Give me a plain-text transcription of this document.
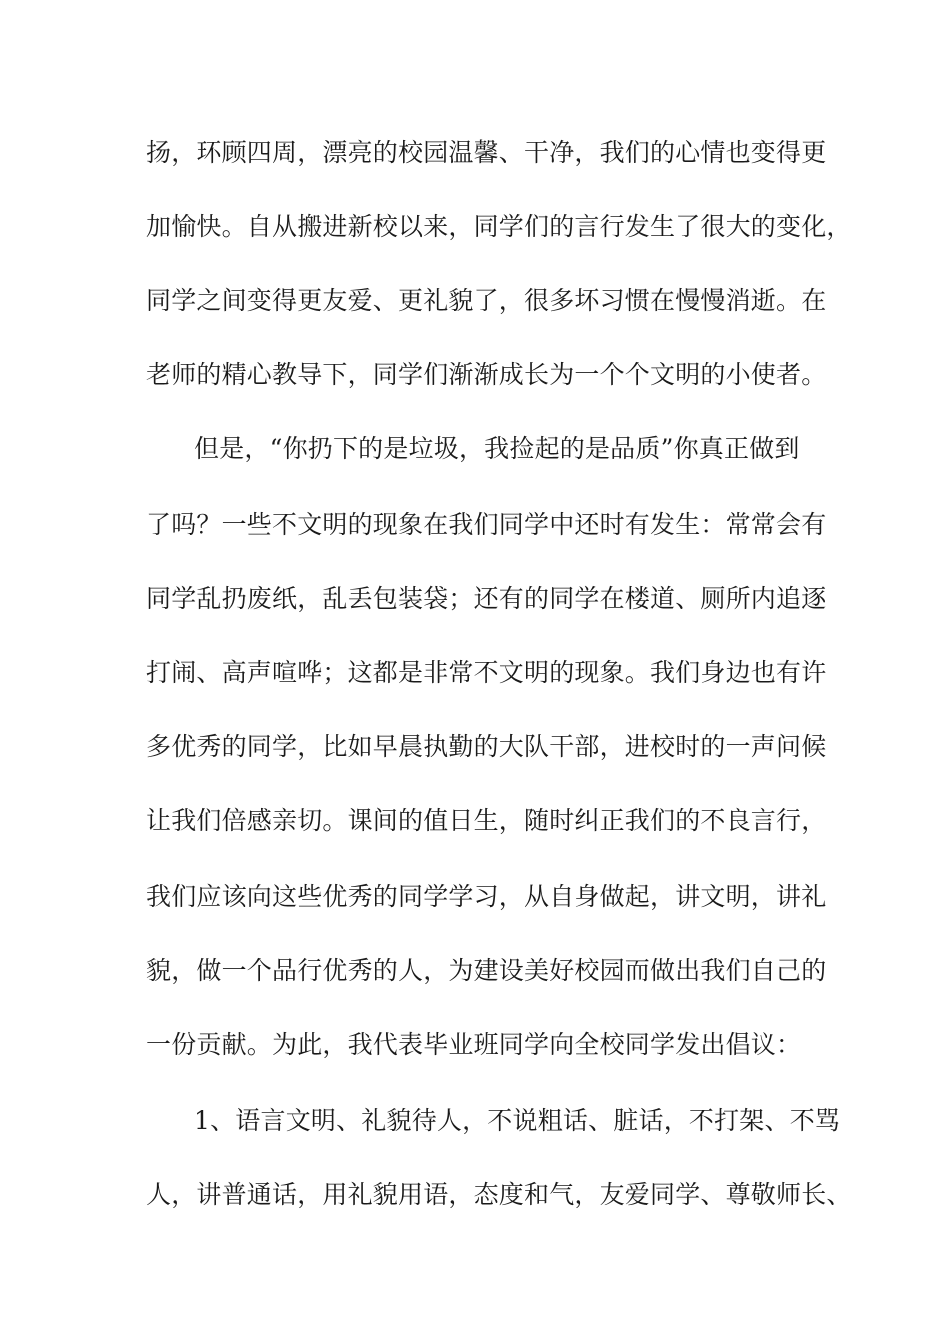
扬，环顾四周，漂亮的校园温馨、干净，我们的心情也变得更
加愉快。自从搬进新校以来，同学们的言行发生了很大的变化，
同学之间变得更友爱、更礼貌了，很多坏习惯在慢慢消逝。在
老师的精心教导下，同学们渐渐成长为一个个文明的小使者。
但是，“你扔下的是垃圾，我捡起的是品质”你真正做到
了吗？一些不文明的现象在我们同学中还时有发生：常常会有
同学乱扔废纸，乱丢包装袋；还有的同学在楼道、厕所内追逐
打闹、高声喧哗；这都是非常不文明的现象。我们身边也有许
多优秀的同学，比如早晨执勤的大队干部，进校时的一声问候
让我们倍感亲切。课间的值日生，随时纠正我们的不良言行，
我们应该向这些优秀的同学学习，从自身做起，讲文明，讲礼
貌，做一个品行优秀的人，为建设美好校园而做出我们自己的
一份贡献。为此，我代表毕业班同学向全校同学发出倡议：
1、语言文明、礼貌待人，不说粗话、脏话，不打架、不骂
人，讲普通话，用礼貌用语，态度和气，友爱同学、尊敬师长、
